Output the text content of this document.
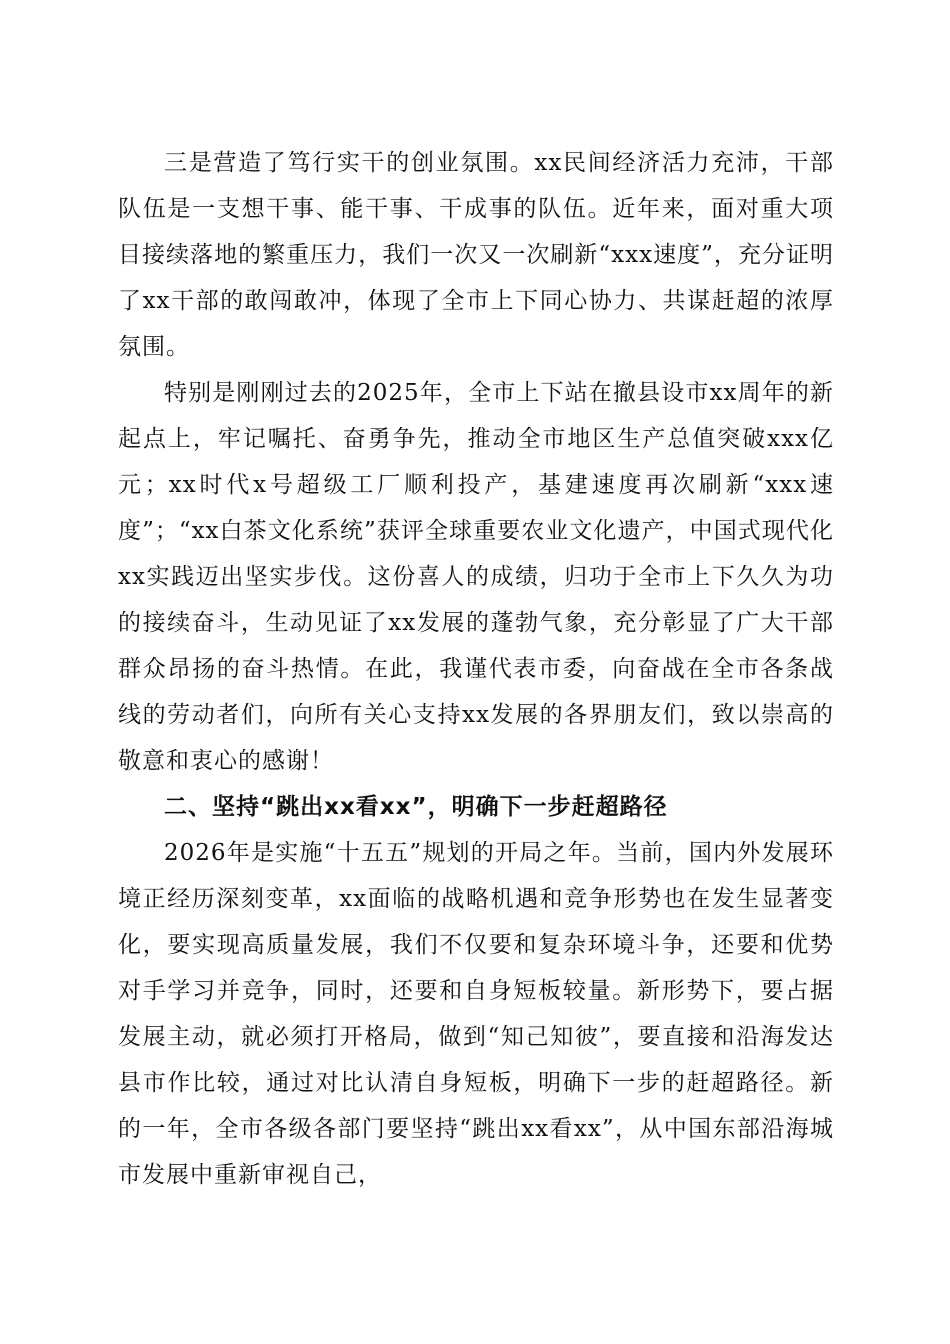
三是营造了笃行实干的创业氛围。xx民间经济活力充沛，干部队伍是一支想干事、能干事、干成事的队伍。近年来，面对重大项目接续落地的繁重压力，我们一次又一次刷新“xxx速度”，充分证明了xx干部的敢闯敢冲，体现了全市上下同心协力、共谋赶超的浓厚氛围。

特别是刚刚过去的2025年，全市上下站在撤县设市xx周年的新起点上，牢记嘱托、奋勇争先，推动全市地区生产总值突破xxx亿元；xx时代x号超级工厂顺利投产，基建速度再次刷新“xxx速度”；“xx白茶文化系统”获评全球重要农业文化遗产，中国式现代化xx实践迈出坚实步伐。这份喜人的成绩，归功于全市上下久久为功的接续奋斗，生动见证了xx发展的蓬勃气象，充分彰显了广大干部群众昂扬的奋斗热情。在此，我谨代表市委，向奋战在全市各条战线的劳动者们，向所有关心支持xx发展的各界朋友们，致以崇高的敬意和衷心的感谢！

二、坚持“跳出xx看xx”，明确下一步赶超路径

2026年是实施“十五五”规划的开局之年。当前，国内外发展环境正经历深刻变革，xx面临的战略机遇和竞争形势也在发生显著变化，要实现高质量发展，我们不仅要和复杂环境斗争，还要和优势对手学习并竞争，同时，还要和自身短板较量。新形势下，要占据发展主动，就必须打开格局，做到“知己知彼”，要直接和沿海发达县市作比较，通过对比认清自身短板，明确下一步的赶超路径。新的一年，全市各级各部门要坚持“跳出xx看xx”，从中国东部沿海城市发展中重新审视自己，
